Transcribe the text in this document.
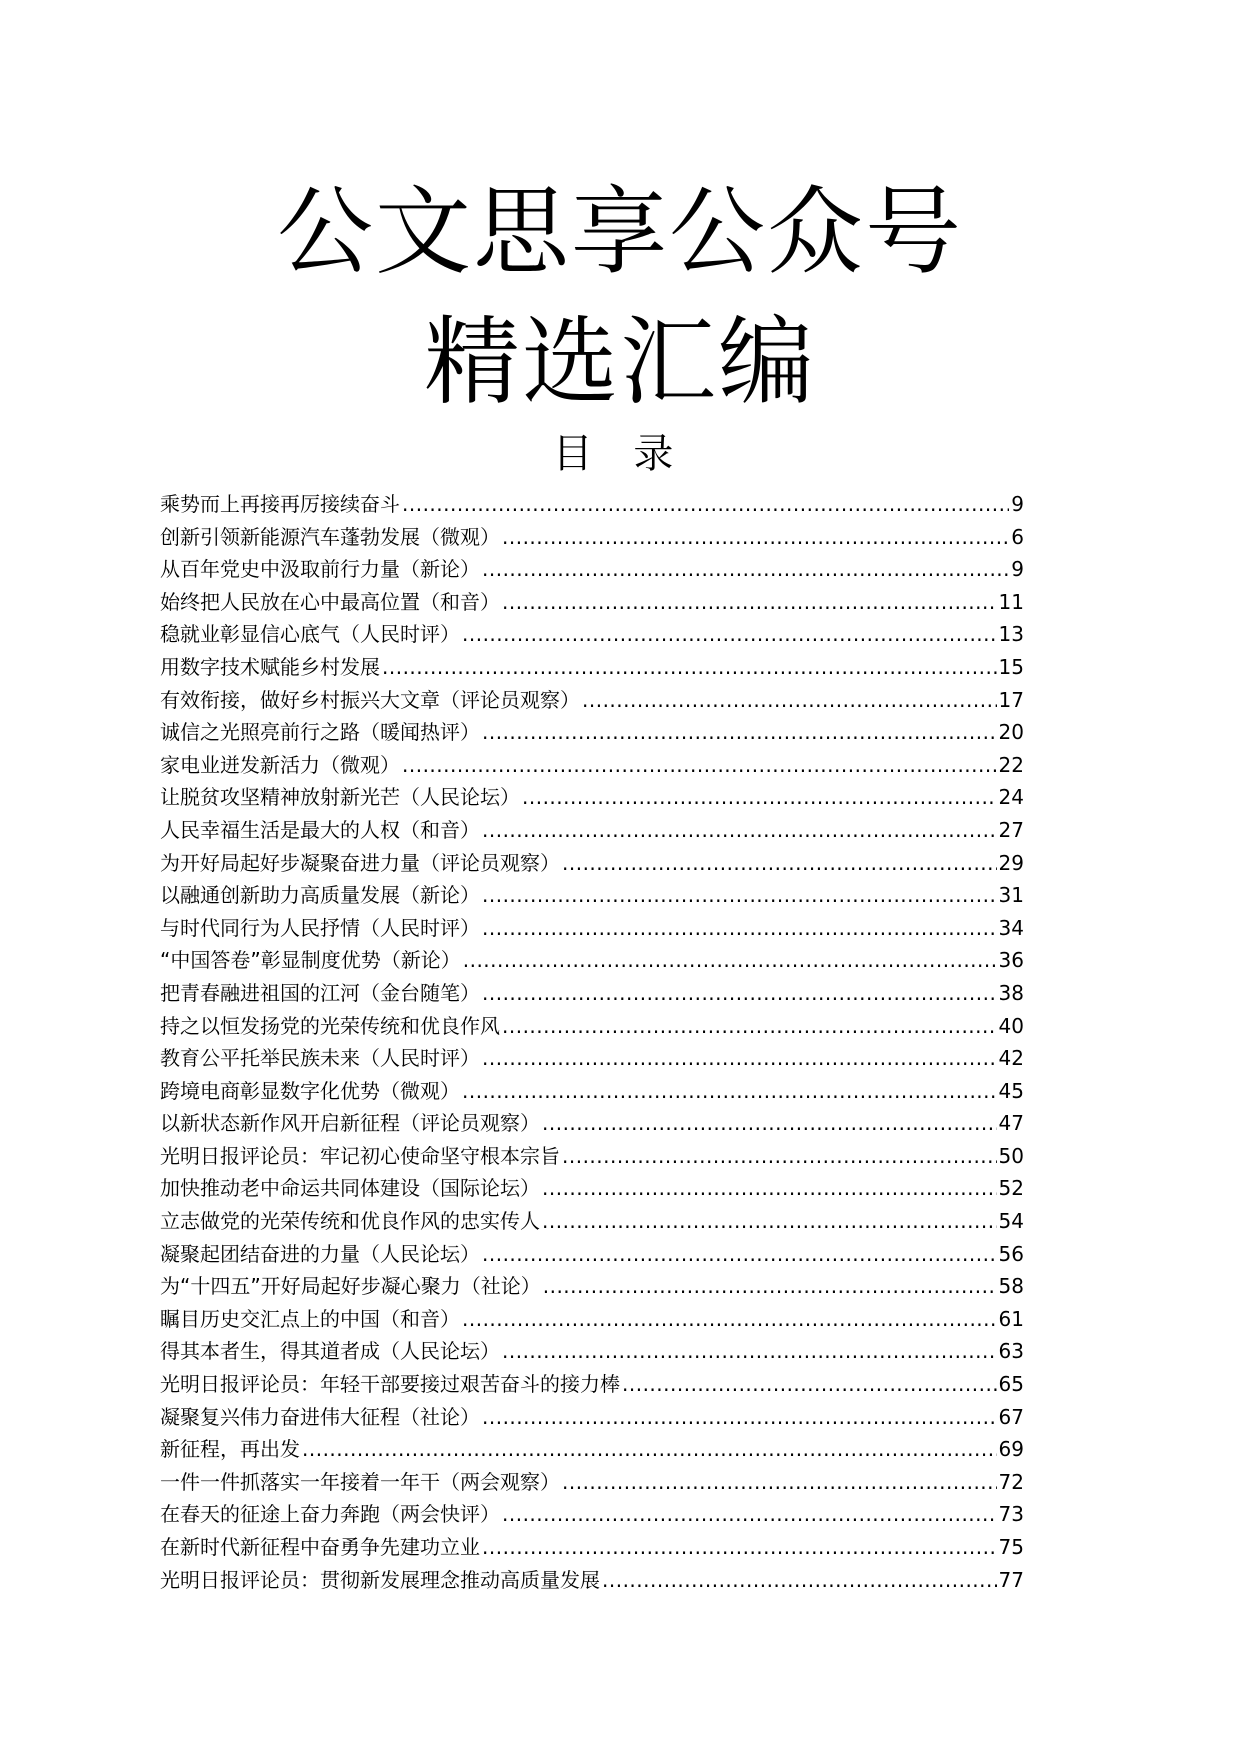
公文思享公众号
精选汇编
目 录
乘势而上再接再厉接续奋斗 .....	9
创新引领新能源汽车蓬勃发展（微观） .....	6
从百年党史中汲取前行力量（新论） .....	9
始终把人民放在心中最高位置（和音） .....	11
稳就业彰显信心底气（人民时评） .....	13
用数字技术赋能乡村发展 .....	15
有效衔接，做好乡村振兴大文章（评论员观察） .....	17
诚信之光照亮前行之路（暖闻热评） .....	20
家电业迸发新活力（微观） .....	22
让脱贫攻坚精神放射新光芒（人民论坛） .....	24
人民幸福生活是最大的人权（和音） .....	27
为开好局起好步凝聚奋进力量（评论员观察） .....	29
以融通创新助力高质量发展（新论） .....	31
与时代同行为人民抒情（人民时评） .....	34
“中国答卷”彰显制度优势（新论） .....	36
把青春融进祖国的江河（金台随笔） .....	38
持之以恒发扬党的光荣传统和优良作风 .....	40
教育公平托举民族未来（人民时评） .....	42
跨境电商彰显数字化优势（微观） .....	45
以新状态新作风开启新征程（评论员观察） .....	47
光明日报评论员：牢记初心使命坚守根本宗旨 .....	50
加快推动老中命运共同体建设（国际论坛） .....	52
立志做党的光荣传统和优良作风的忠实传人 .....	54
凝聚起团结奋进的力量（人民论坛） .....	56
为“十四五”开好局起好步凝心聚力（社论） .....	58
瞩目历史交汇点上的中国（和音） .....	61
得其本者生，得其道者成（人民论坛） .....	63
光明日报评论员：年轻干部要接过艰苦奋斗的接力棒 .....	65
凝聚复兴伟力奋进伟大征程（社论） .....	67
新征程，再出发 .....	69
一件一件抓落实一年接着一年干（两会观察） .....	72
在春天的征途上奋力奔跑（两会快评） .....	73
在新时代新征程中奋勇争先建功立业 .....	75
光明日报评论员：贯彻新发展理念推动高质量发展 .....	77
